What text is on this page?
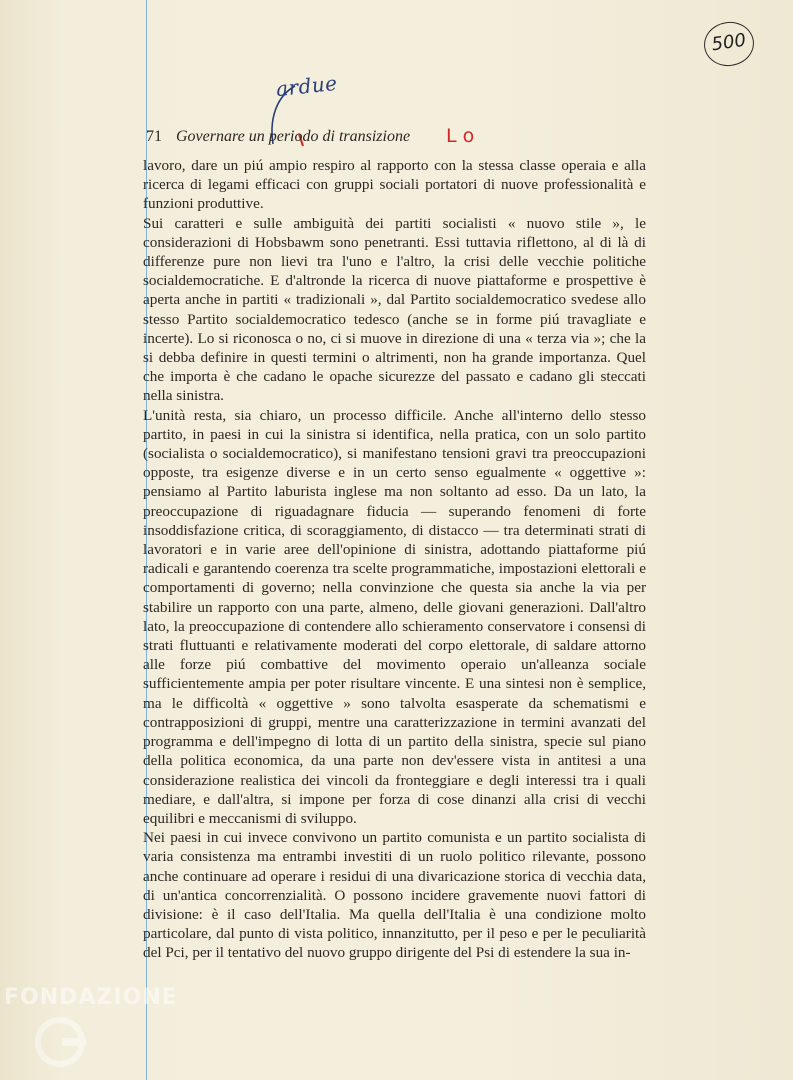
500
ardue
71 Governare un periodo di transizione L o

lavoro, dare un piú ampio respiro al rapporto con la stessa classe operaia e alla ricerca di legami efficaci con gruppi sociali portatori di nuove professionalità e funzioni produttive.

Sui caratteri e sulle ambiguità dei partiti socialisti « nuovo stile », le considerazioni di Hobsbawm sono penetranti. Essi tuttavia riflettono, al di là di differenze pure non lievi tra l'uno e l'altro, la crisi delle vecchie politiche socialdemocratiche. E d'altronde la ricerca di nuove piattaforme e prospettive è aperta anche in partiti « tradizionali », dal Partito socialdemocratico svedese allo stesso Partito socialdemocratico tedesco (anche se in forme piú travagliate e incerte). Lo si riconosca o no, ci si muove in direzione di una « terza via »; che la si debba definire in questi termini o altrimenti, non ha grande importanza. Quel che importa è che cadano le opache sicurezze del passato e cadano gli steccati nella sinistra.

L'unità resta, sia chiaro, un processo difficile. Anche all'interno dello stesso partito, in paesi in cui la sinistra si identifica, nella pratica, con un solo partito (socialista o socialdemocratico), si manifestano tensioni gravi tra preoccupazioni opposte, tra esigenze diverse e in un certo senso egualmente « oggettive »: pensiamo al Partito laburista inglese ma non soltanto ad esso. Da un lato, la preoccupazione di riguadagnare fiducia — superando fenomeni di forte insoddisfazione critica, di scoraggiamento, di distacco — tra determinati strati di lavoratori e in varie aree dell'opinione di sinistra, adottando piattaforme piú radicali e garantendo coerenza tra scelte programmatiche, impostazioni elettorali e comportamenti di governo; nella convinzione che questa sia anche la via per stabilire un rapporto con una parte, almeno, delle giovani generazioni. Dall'altro lato, la preoccupazione di contendere allo schieramento conservatore i consensi di strati fluttuanti e relativamente moderati del corpo elettorale, di saldare attorno alle forze piú combattive del movimento operaio un'alleanza sociale sufficientemente ampia per poter risultare vincente. E una sintesi non è semplice, ma le difficoltà « oggettive » sono talvolta esasperate da schematismi e contrapposizioni di gruppi, mentre una caratterizzazione in termini avanzati del programma e dell'impegno di lotta di un partito della sinistra, specie sul piano della politica economica, da una parte non dev'essere vista in antitesi a una considerazione realistica dei vincoli da fronteggiare e degli interessi tra i quali mediare, e dall'altra, si impone per forza di cose dinanzi alla crisi di vecchi equilibri e meccanismi di sviluppo.

Nei paesi in cui invece convivono un partito comunista e un partito socialista di varia consistenza ma entrambi investiti di un ruolo politico rilevante, possono anche continuare ad operare i residui di una divaricazione storica di vecchia data, di un'antica concorrenzialità. O possono incidere gravemente nuovi fattori di divisione: è il caso dell'Italia. Ma quella dell'Italia è una condizione molto particolare, dal punto di vista politico, innanzitutto, per il peso e per le peculiarità del Pci, per il tentativo del nuovo gruppo dirigente del Psi di estendere la sua in-

FONDAZIONE
